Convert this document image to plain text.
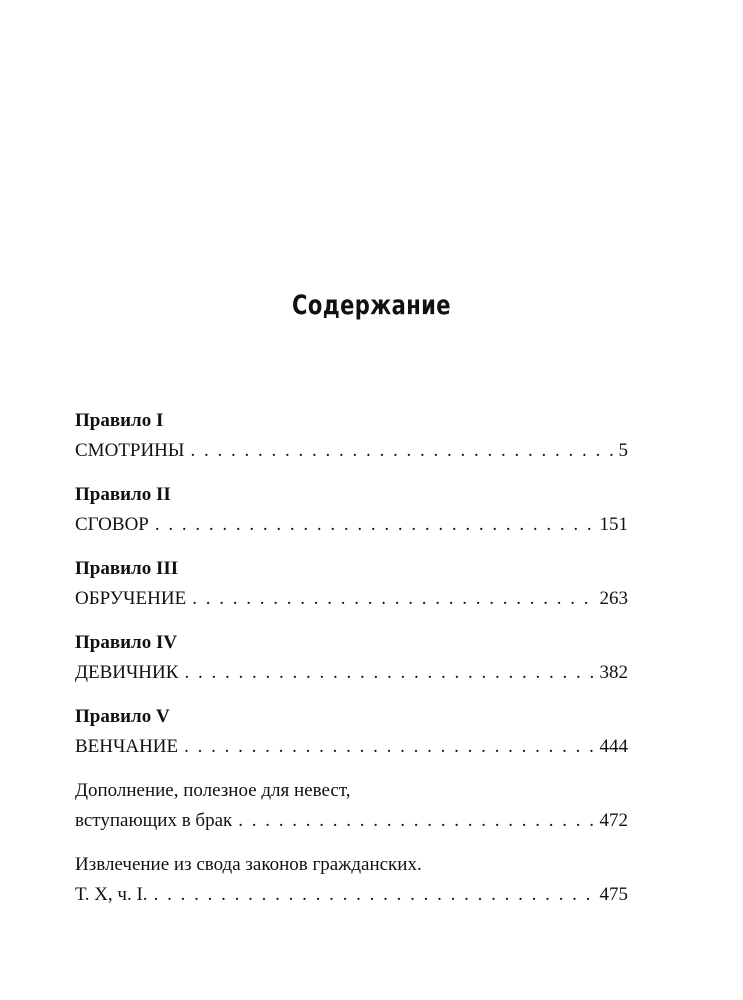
Содержание
Правило I
СМОТРИНЫ . . .	5
Правило II
СГОВОР . . .	151
Правило III
ОБРУЧЕНИЕ . . .	263
Правило IV
ДЕВИЧНИК . . .	382
Правило V
ВЕНЧАНИЕ . . .	444
Дополнение, полезное для невест,
вступающих в брак . . .	472
Извлечение из свода законов гражданских.
Т. Х, ч. I. . . .	475
